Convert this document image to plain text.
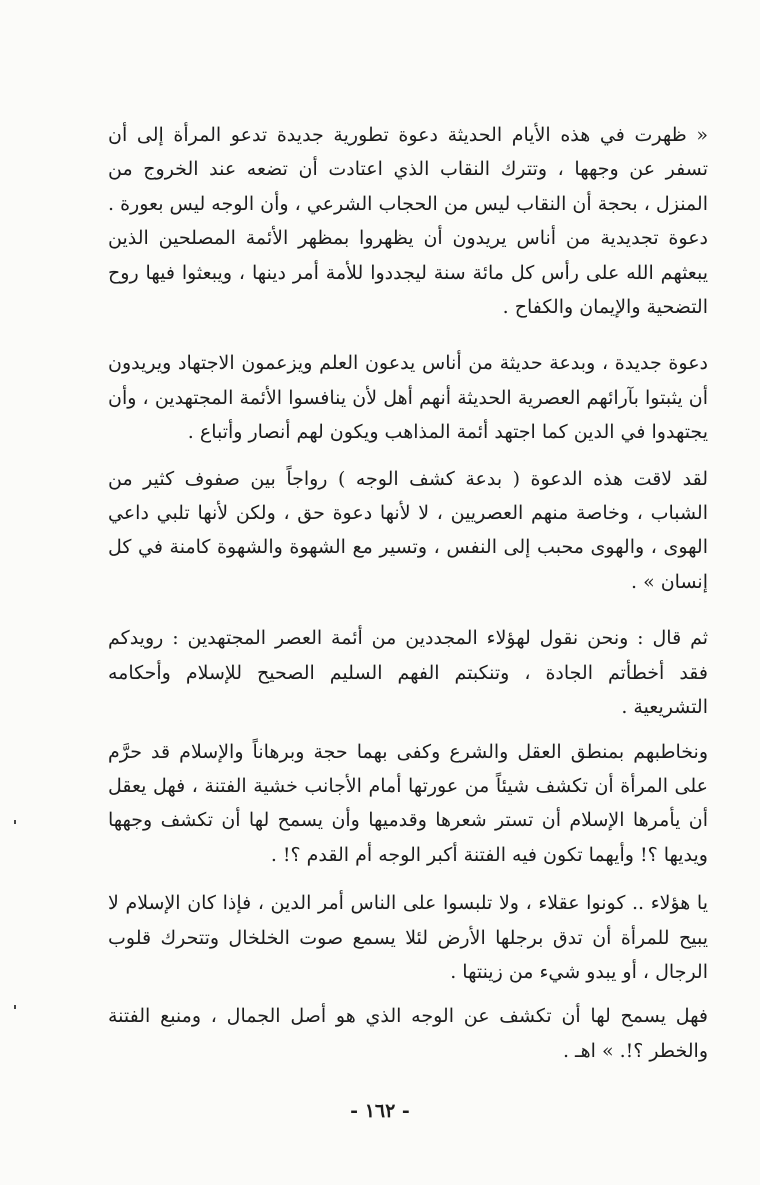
« ظهرت في هذه الأيام الحديثة دعوة تطورية جديدة تدعو المرأة إلى أن تسفر عن وجهها ، وتترك النقاب الذي اعتادت أن تضعه عند الخروج من المنزل ، بحجة أن النقاب ليس من الحجاب الشرعي ، وأن الوجه ليس بعورة . دعوة تجديدية من أناس يريدون أن يظهروا بمظهر الأئمة المصلحين الذين يبعثهم الله على رأس كل مائة سنة ليجددوا للأمة أمر دينها ، ويبعثوا فيها روح التضحية والإيمان والكفاح .

دعوة جديدة ، وبدعة حديثة من أناس يدعون العلم ويزعمون الاجتهاد ويريدون أن يثبتوا بآرائهم العصرية الحديثة أنهم أهل لأن ينافسوا الأئمة المجتهدين ، وأن يجتهدوا في الدين كما اجتهد أئمة المذاهب ويكون لهم أنصار وأتباع .

لقد لاقت هذه الدعوة ( بدعة كشف الوجه ) رواجاً بين صفوف كثير من الشباب ، وخاصة منهم العصريين ، لا لأنها دعوة حق ، ولكن لأنها تلبي داعي الهوى ، والهوى محبب إلى النفس ، وتسير مع الشهوة والشهوة كامنة في كل إنسان » .

ثم قال : ونحن نقول لهؤلاء المجددين من أئمة العصر المجتهدين : رويدكم فقد أخطأتم الجادة ، وتنكبتم الفهم السليم الصحيح للإسلام وأحكامه التشريعية .

ونخاطبهم بمنطق العقل والشرع وكفى بهما حجة وبرهاناً والإسلام قد حرَّم على المرأة أن تكشف شيئاً من عورتها أمام الأجانب خشية الفتنة ، فهل يعقل أن يأمرها الإسلام أن تستر شعرها وقدميها وأن يسمح لها أن تكشف وجهها ويديها ؟! وأيهما تكون فيه الفتنة أكبر الوجه أم القدم ؟! .

يا هؤلاء .. كونوا عقلاء ، ولا تلبسوا على الناس أمر الدين ، فإذا كان الإسلام لا يبيح للمرأة أن تدق برجلها الأرض لئلا يسمع صوت الخلخال وتتحرك قلوب الرجال ، أو يبدو شيء من زينتها .

فهل يسمح لها أن تكشف عن الوجه الذي هو أصل الجمال ، ومنبع الفتنة والخطر ؟!. » اهـ .

- ١٦٢ -
